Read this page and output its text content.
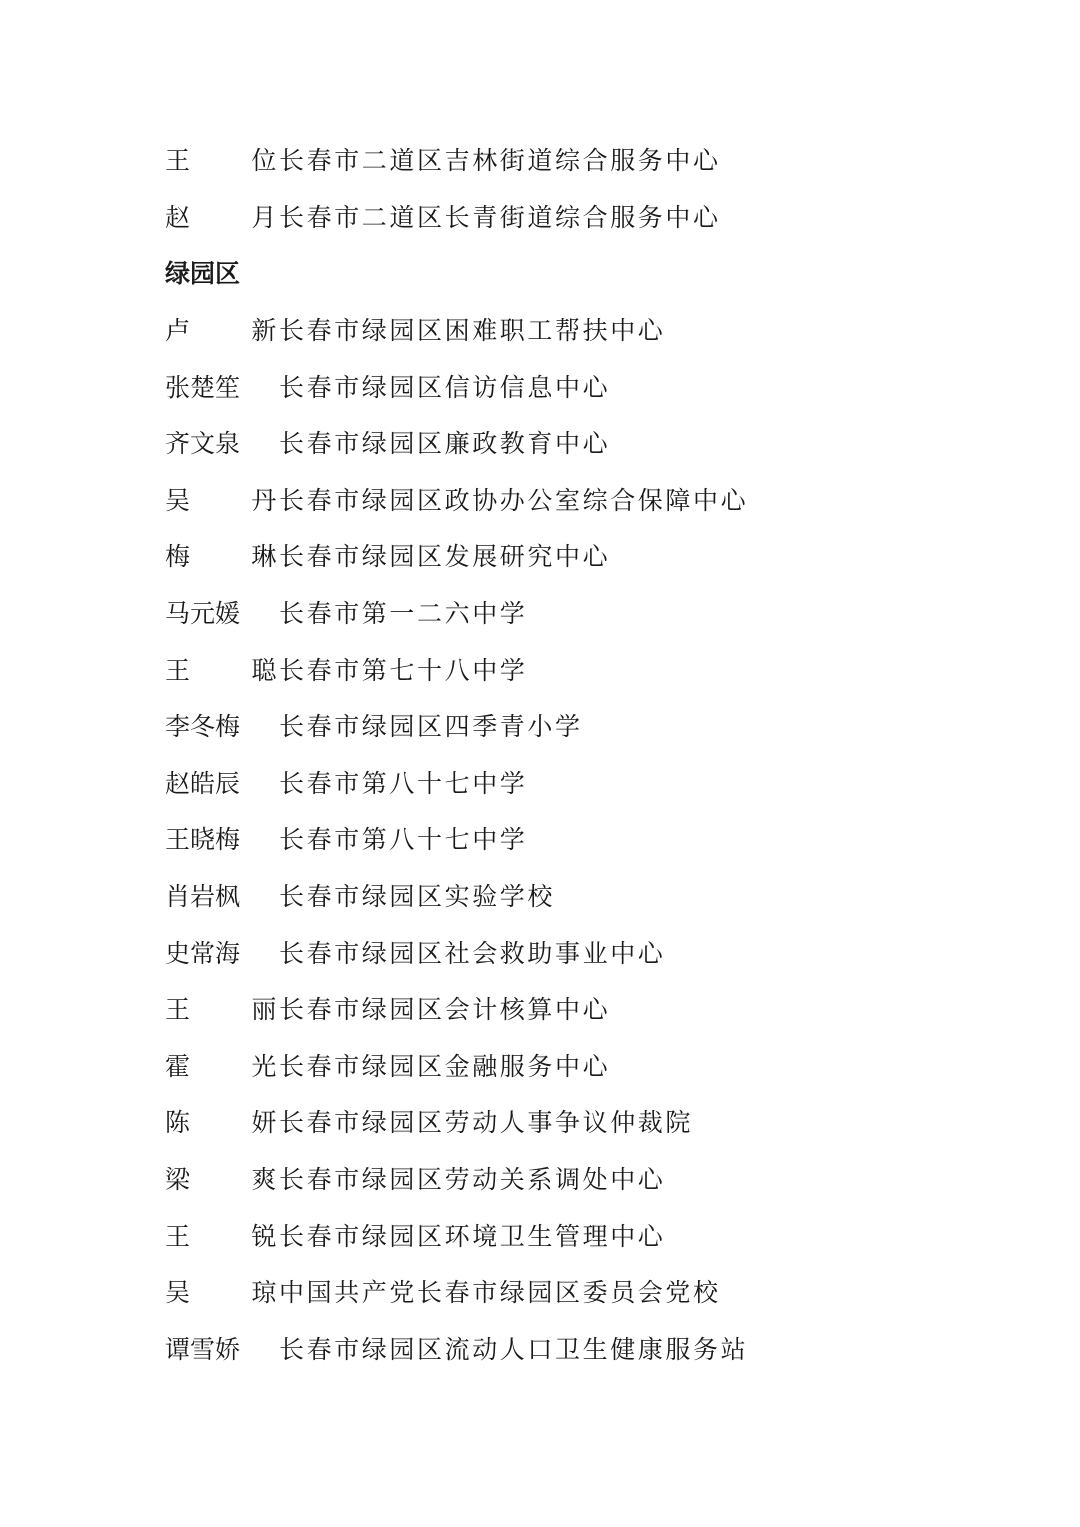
王 位 长春市二道区吉林街道综合服务中心
赵 月 长春市二道区长青街道综合服务中心
绿园区
卢 新 长春市绿园区困难职工帮扶中心
张楚笙	长春市绿园区信访信息中心
齐文泉	长春市绿园区廉政教育中心
吴 丹 长春市绿园区政协办公室综合保障中心
梅 琳 长春市绿园区发展研究中心
马元媛	长春市第一二六中学
王 聪 长春市第七十八中学
李冬梅	长春市绿园区四季青小学
赵皓辰	长春市第八十七中学
王晓梅	长春市第八十七中学
肖岩枫	长春市绿园区实验学校
史常海	长春市绿园区社会救助事业中心
王 丽 长春市绿园区会计核算中心
霍 光 长春市绿园区金融服务中心
陈 妍 长春市绿园区劳动人事争议仲裁院
梁 爽 长春市绿园区劳动关系调处中心
王 锐 长春市绿园区环境卫生管理中心
吴 琼 中国共产党长春市绿园区委员会党校
谭雪娇	长春市绿园区流动人口卫生健康服务站
